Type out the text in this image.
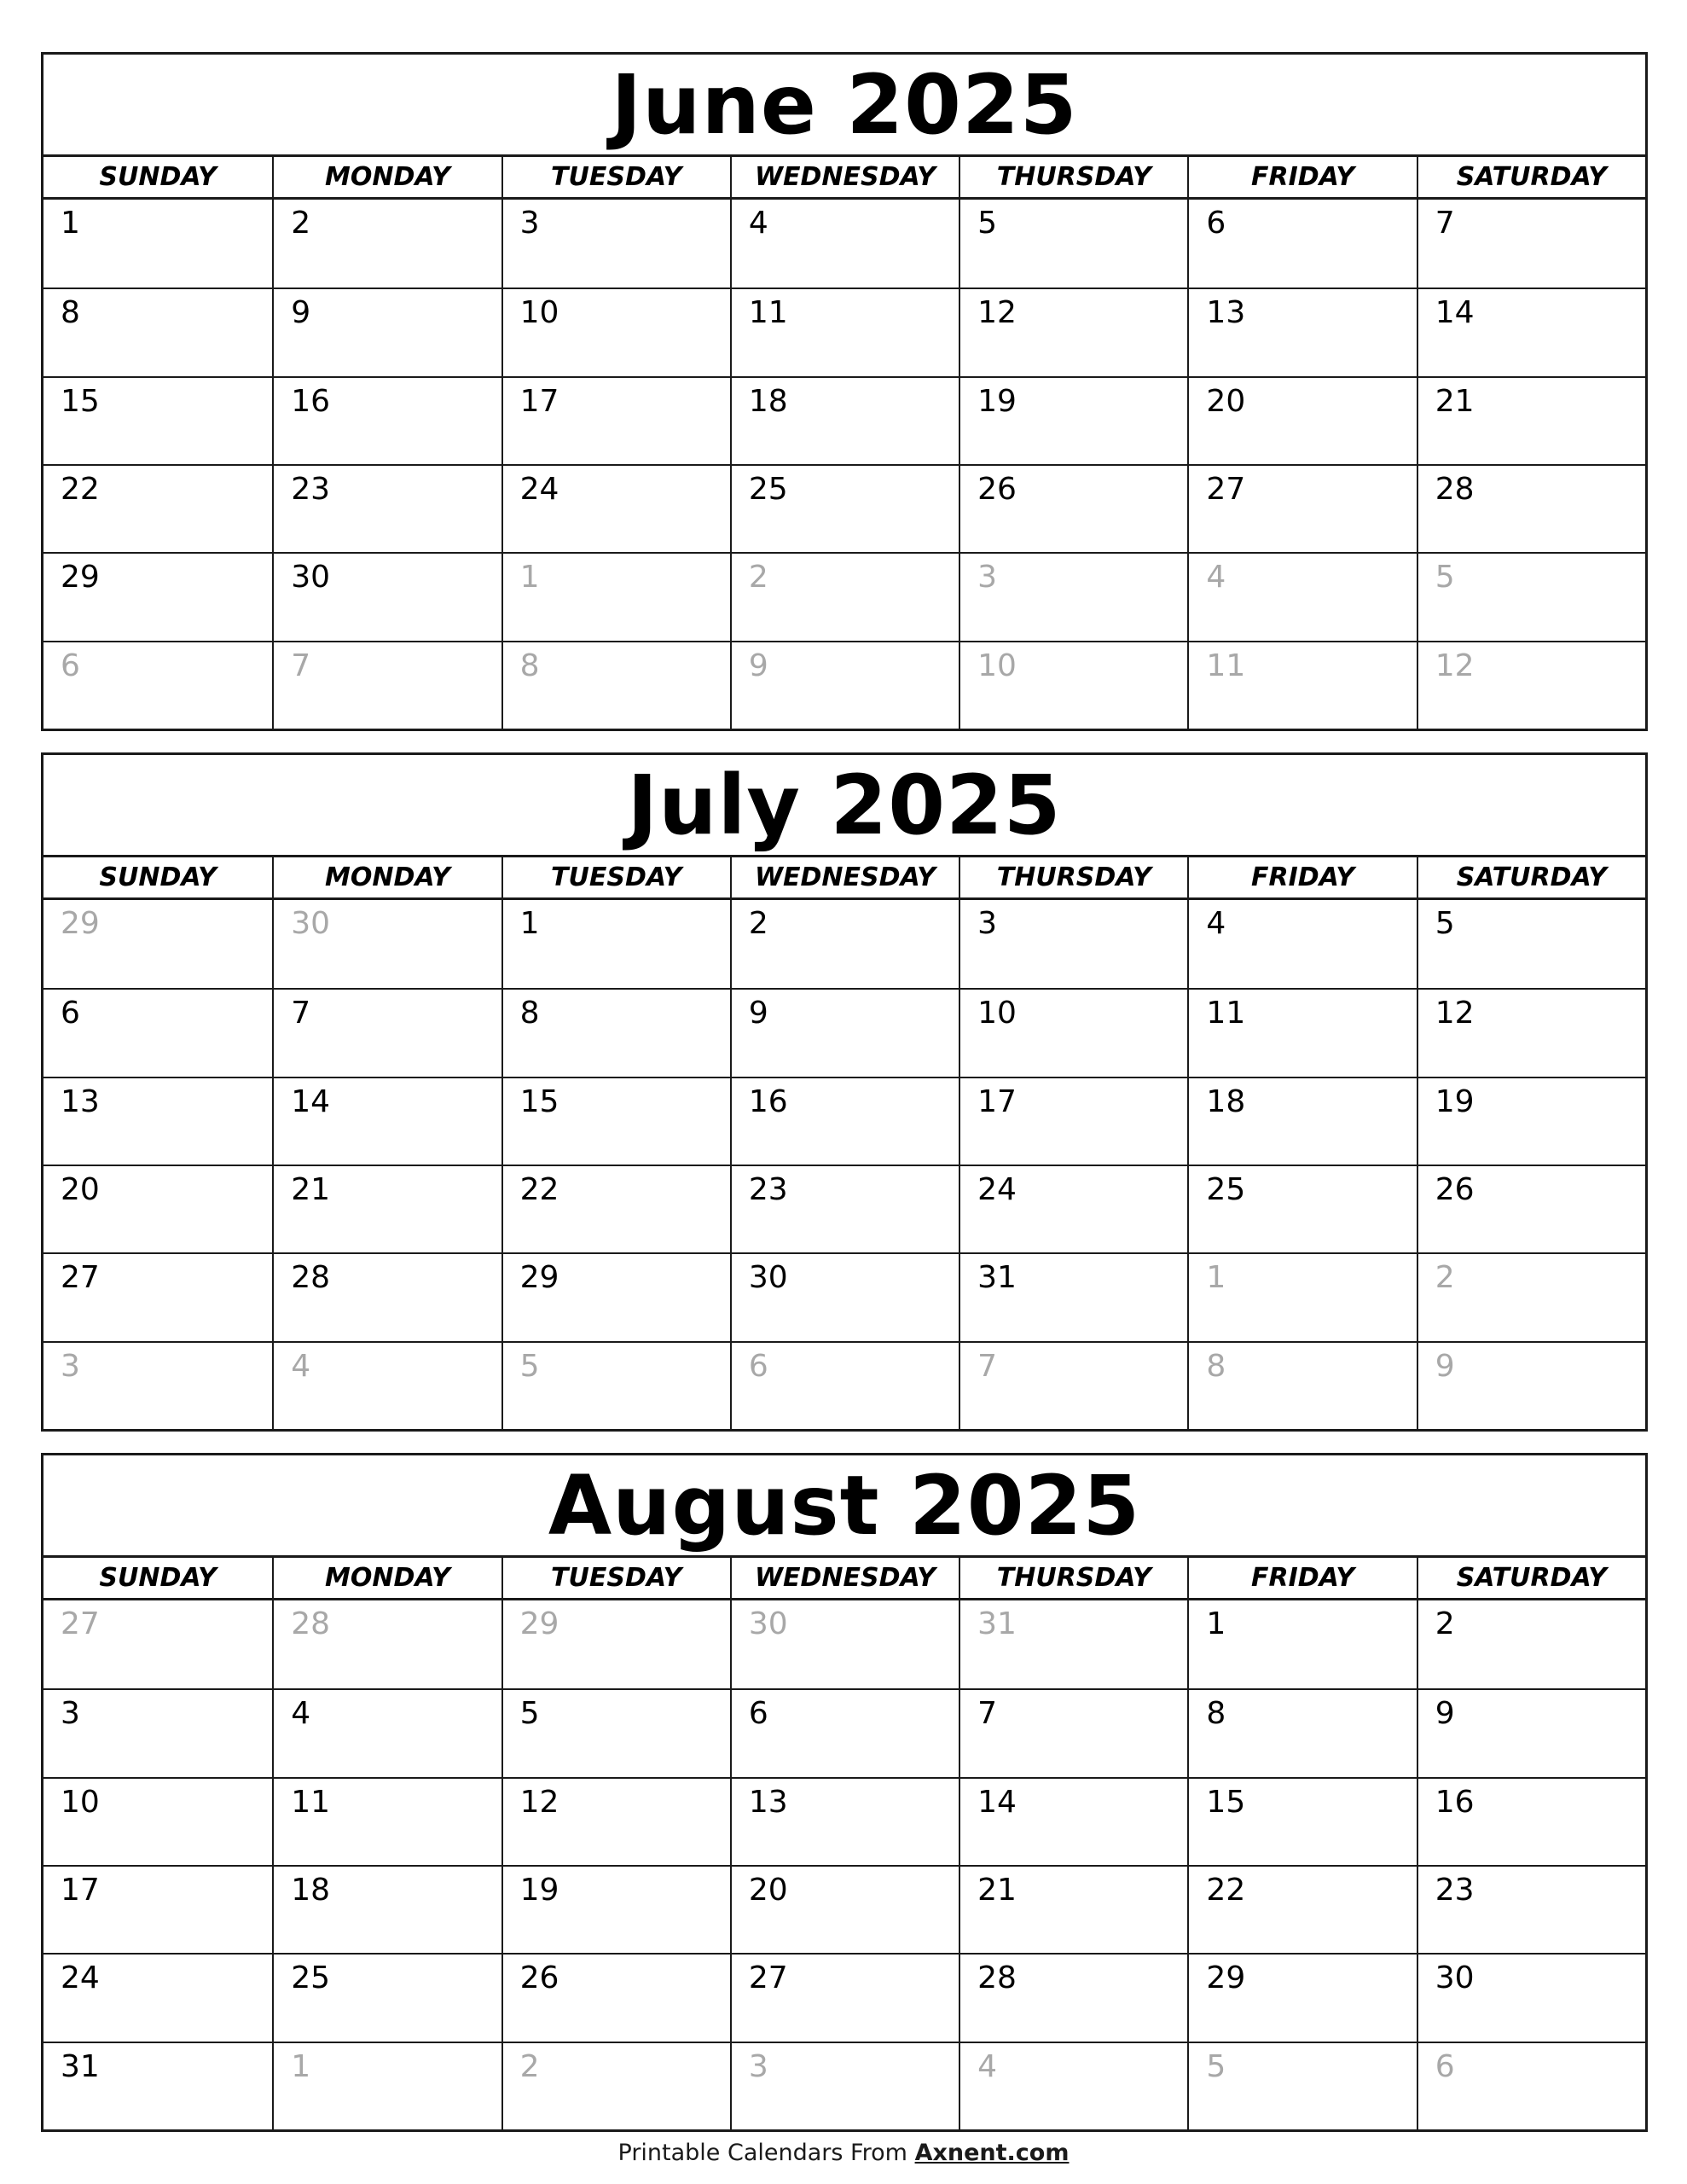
June 2025
SUNDAY	MONDAY	TUESDAY	WEDNESDAY	THURSDAY	FRIDAY	SATURDAY
1	2	3	4	5	6	7
8	9	10	11	12	13	14
15	16	17	18	19	20	21
22	23	24	25	26	27	28
29	30	1	2	3	4	5
6	7	8	9	10	11	12
July 2025
SUNDAY	MONDAY	TUESDAY	WEDNESDAY	THURSDAY	FRIDAY	SATURDAY
29	30	1	2	3	4	5
6	7	8	9	10	11	12
13	14	15	16	17	18	19
20	21	22	23	24	25	26
27	28	29	30	31	1	2
3	4	5	6	7	8	9
August 2025
SUNDAY	MONDAY	TUESDAY	WEDNESDAY	THURSDAY	FRIDAY	SATURDAY
27	28	29	30	31	1	2
3	4	5	6	7	8	9
10	11	12	13	14	15	16
17	18	19	20	21	22	23
24	25	26	27	28	29	30
31	1	2	3	4	5	6
Printable Calendars From Axnent.com
